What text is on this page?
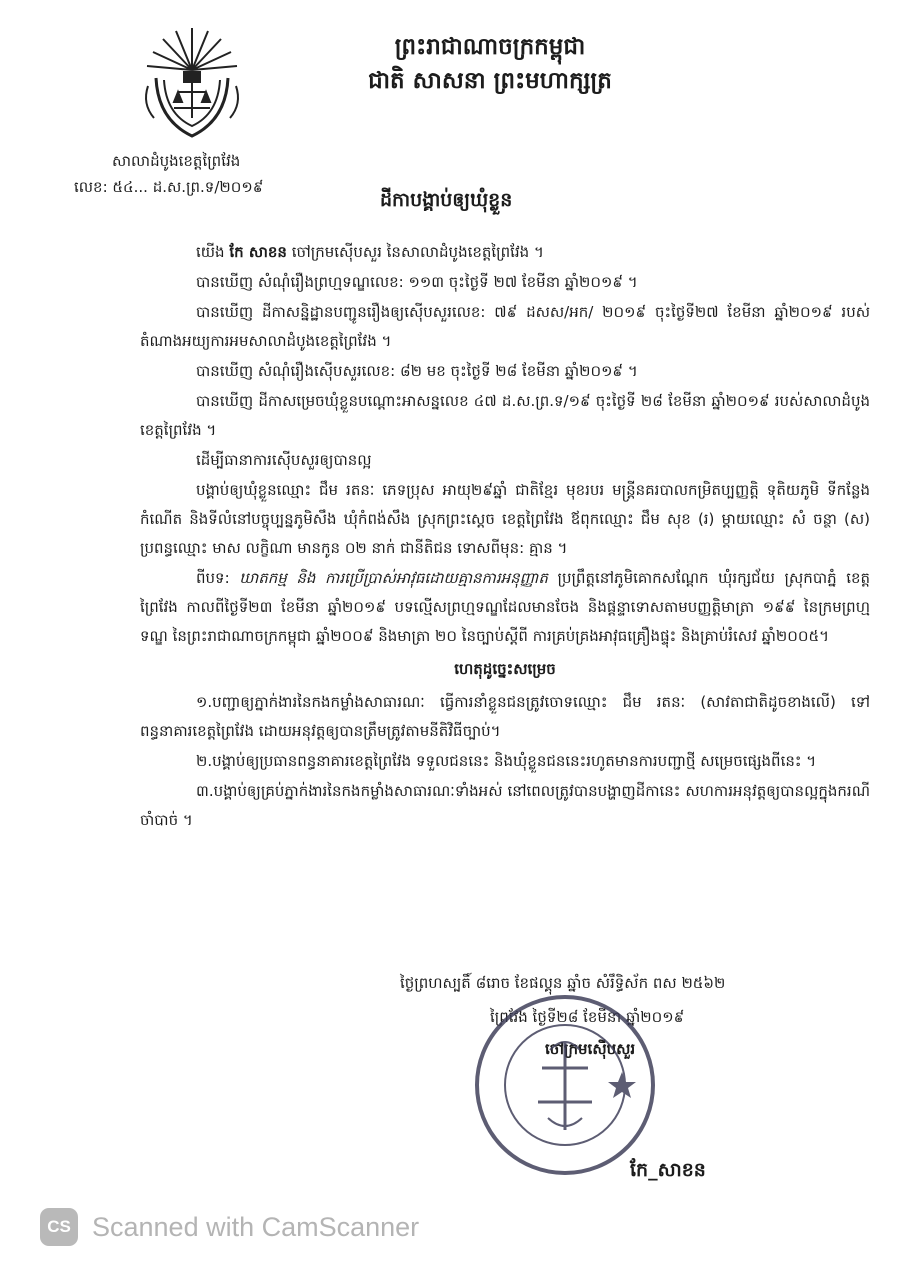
ព្រះរាជាណាចក្រកម្ពុជា
ជាតិ សាសនា ព្រះមហាក្សត្រ
សាលាដំបូងខេត្តព្រៃវែង
លេខ: ៥៤... ដ.ស.ព្រ.ទ/២០១៩
ដីកាបង្គាប់ឲ្យឃុំខ្លួន

យើង កែ សាខន ចៅក្រមស៊ើបសួរ នៃសាលាដំបូងខេត្តព្រៃវែង ។

បានឃើញ សំណុំរឿងព្រហ្មទណ្ឌលេខ: ១១៣ ចុះថ្ងៃទី ២៧ ខែមីនា ឆ្នាំ២០១៩ ។

បានឃើញ ដីកាសន្និដ្ឋានបញ្ជូនរឿងឲ្យស៊ើបសួរលេខ: ៧៩ ដសស/អក/ ២០១៩ ចុះថ្ងៃទី២៧ ខែមីនា ឆ្នាំ២០១៩ របស់តំណាងអយ្យការអមសាលាដំបូងខេត្តព្រៃវែង ។

បានឃើញ សំណុំរឿងស៊ើបសួរលេខ: ៨២ មខ ចុះថ្ងៃទី ២៨ ខែមីនា ឆ្នាំ២០១៩ ។

បានឃើញ ដីកាសម្រេចឃុំខ្លួនបណ្ដោះអាសន្នលេខ ៤៧ ដ.ស.ព្រ.ទ/១៩ ចុះថ្ងៃទី ២៨ ខែមីនា ឆ្នាំ២០១៩ របស់សាលាដំបូងខេត្តព្រៃវែង ។

ដើម្បីធានាការស៊ើបសួរឲ្យបានល្អ

បង្គាប់ឲ្យឃុំខ្លួនឈ្មោះ ជឹម រតនៈ ភេទប្រុស អាយុ២៩ឆ្នាំ ជាតិខ្មែរ មុខរបរ មន្ត្រីនគរបាលកម្រិតប្បញ្ញត្តិ ទុតិយភូមិ ទីកន្លែងកំណើត និងទីលំនៅបច្ចុប្បន្នភូមិសឹង ឃុំកំពង់សឹង ស្រុកព្រះស្ដេច ខេត្តព្រៃវែង ឪពុកឈ្មោះ ជឹម សុខ (រ) ម្ដាយឈ្មោះ សំ ចន្ថា (ស) ប្រពន្ធឈ្មោះ មាស លក្ខិណា មានកូន ០២ នាក់ ជានីតិជន ទោសពីមុន: គ្មាន ។

ពីបទ: ឃាតកម្ម និង ការប្រើប្រាស់អាវុធដោយគ្មានការអនុញ្ញាត ប្រព្រឹត្តនៅភូមិគោកសណ្ដែក ឃុំរក្សជ័យ ស្រុកបាភ្នំ ខេត្តព្រៃវែង កាលពីថ្ងៃទី២៣ ខែមីនា ឆ្នាំ២០១៩ បទល្មើសព្រហ្មទណ្ឌដែលមានចែង និងផ្ដន្ទាទោសតាមបញ្ញត្តិមាត្រា ១៩៩ នៃក្រមព្រហ្មទណ្ឌ នៃព្រះរាជាណាចក្រកម្ពុជា ឆ្នាំ២០០៩ និងមាត្រា ២០ នៃច្បាប់ស្ដីពី ការគ្រប់គ្រងអាវុធគ្រឿងផ្ទុះ និងគ្រាប់រំសេវ ឆ្នាំ២០០៥។

ហេតុដូច្នេះសម្រេច

១.បញ្ជាឲ្យភ្នាក់ងារនៃកងកម្លាំងសាធារណៈ ធ្វើការនាំខ្លួនជនត្រូវចោទឈ្មោះ ជឹម រតនៈ (សាវតាជាតិដូចខាងលើ) ទៅពន្ធនាគារខេត្តព្រៃវែង ដោយអនុវត្តឲ្យបានត្រឹមត្រូវតាមនីតិវិធីច្បាប់។

២.បង្គាប់ឲ្យប្រធានពន្ធនាគារខេត្តព្រៃវែង ទទួលជននេះ និងឃុំខ្លួនជននេះរហូតមានការបញ្ជាថ្មី សម្រេចផ្សេងពីនេះ ។

៣.បង្គាប់ឲ្យគ្រប់ភ្នាក់ងារនៃកងកម្លាំងសាធារណៈទាំងអស់ នៅពេលត្រូវបានបង្ហាញដីកានេះ សហការអនុវត្តឲ្យបានល្អក្នុងករណីចាំបាច់ ។

ថ្ងៃព្រហស្បតិ៍ ៨រោច ខែផល្គុន ឆ្នាំច សំរឹទ្ធិស័ក ពស ២៥៦២
ព្រៃវែង ថ្ងៃទី២៨ ខែមីនា ឆ្នាំ២០១៩
ចៅក្រមស៊ើបសួរ
កែ_សាខន
CS Scanned with CamScanner
